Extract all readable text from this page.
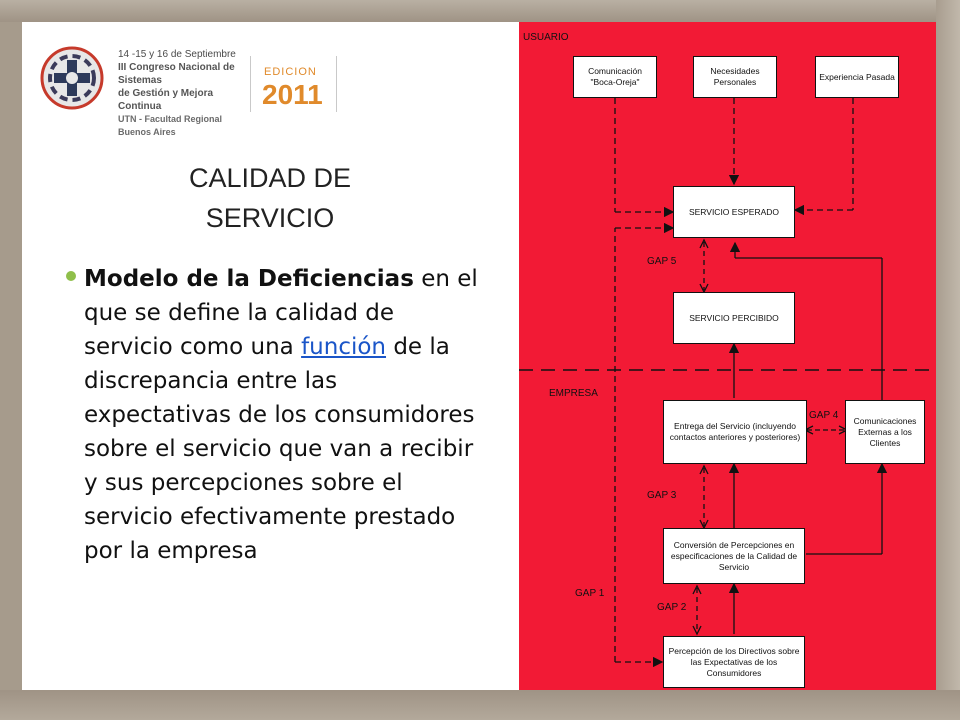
14 -15 y 16 de Septiembre
III Congreso Nacional de Sistemas
de Gestión y Mejora Continua
UTN - Facultad Regional Buenos Aires
EDICION
2011
CALIDAD DE
SERVICIO
Modelo de la Deficiencias en el que se define la calidad de servicio como una función de la discrepancia entre las expectativas de los consumidores sobre el servicio que van a recibir y sus percepciones sobre el servicio efectivamente prestado por la empresa
USUARIO
EMPRESA
Comunicación "Boca-Oreja"
Necesidades Personales
Experiencia Pasada
SERVICIO ESPERADO
SERVICIO PERCIBIDO
Entrega del Servicio (incluyendo contactos anteriores y posteriores)
Comunicaciones Externas a los Clientes
Conversión de Percepciones en especificaciones de la Calidad de Servicio
Percepción de los Directivos sobre las Expectativas de los Consumidores
GAP 5
GAP 4
GAP 3
GAP 2
GAP 1
